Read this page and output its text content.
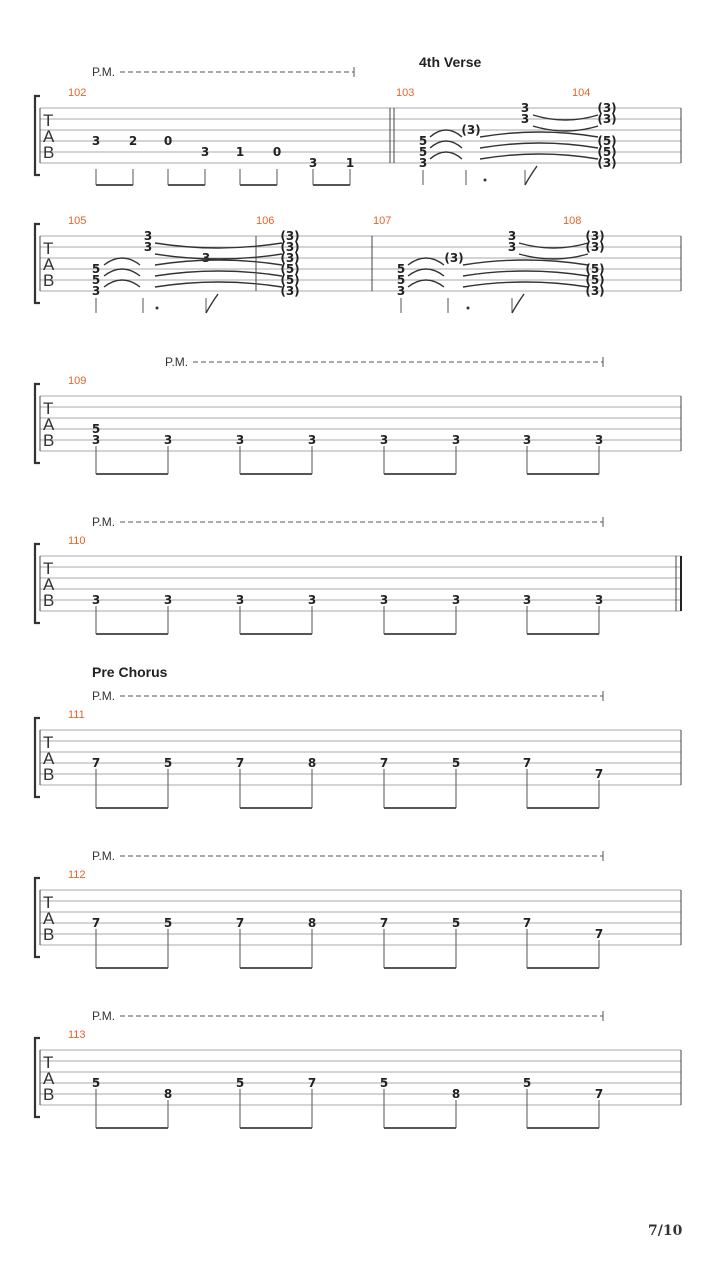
P.M.
4th Verse
T
A
B
102	103	104
3 2 0
3 1 0
3 1
5
5
3
(3)
3
3
(3)
(3)
(5)
(5)
(3)
T
A
B
105	106	107	108
5
5
3
3
3
3
(3)
(3)
(3)
(5)
(5)
(3)
5
5
3
(3)
3
3
(3)
(3)
(5)
(5)
(3)
P.M.
T
A
B
109
5
3	3	3	3	3	3	3	3
P.M.
T
A
B
110
3	3	3	3	3	3	3	3
Pre Chorus
P.M.
T
A
B
111
7	5	7	8	7	5	7
7
P.M.
T
A
B
112
7	5	7	8	7	5	7
7
P.M.
T
A
B
113
5
8
5	7	5
8
5
7
7/10
